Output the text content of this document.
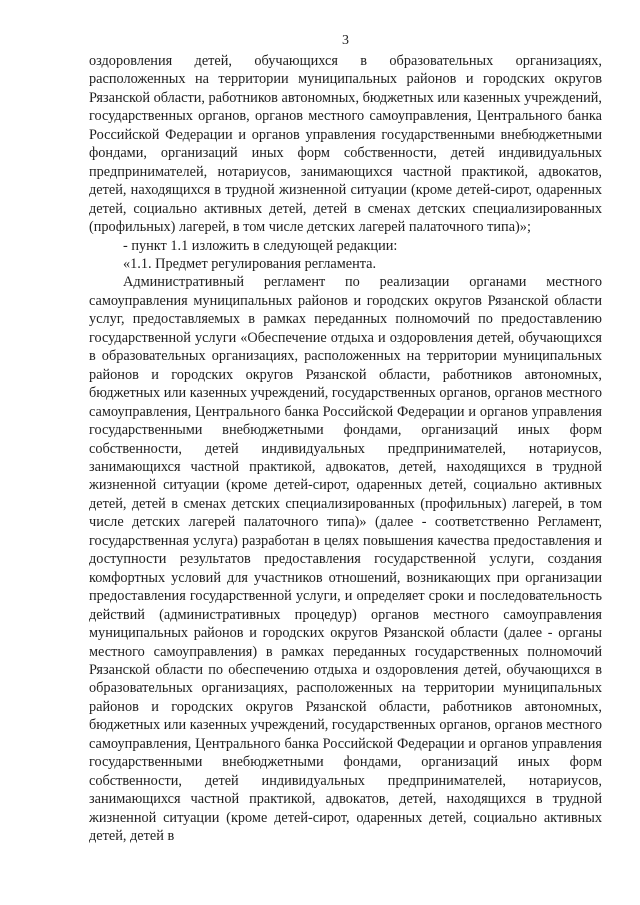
3

оздоровления детей, обучающихся в образовательных организациях, расположенных на территории муниципальных районов и городских округов Рязанской области, работников автономных, бюджетных или казенных учреждений, государственных органов, органов местного самоуправления, Центрального банка Российской Федерации и органов управления государственными внебюджетными фондами, организаций иных форм собственности, детей индивидуальных предпринимателей, нотариусов, занимающихся частной практикой, адвокатов, детей, находящихся в трудной жизненной ситуации (кроме детей-сирот, одаренных детей, социально активных детей, детей в сменах детских специализированных (профильных) лагерей, в том числе детских лагерей палаточного типа)»;

- пункт 1.1 изложить в следующей редакции:

«1.1. Предмет регулирования регламента.

Административный регламент по реализации органами местного самоуправления муниципальных районов и городских округов Рязанской области услуг, предоставляемых в рамках переданных полномочий по предоставлению государственной услуги «Обеспечение отдыха и оздоровления детей, обучающихся в образовательных организациях, расположенных на территории муниципальных районов и городских округов Рязанской области, работников автономных, бюджетных или казенных учреждений, государственных органов, органов местного самоуправления, Центрального банка Российской Федерации и органов управления государственными внебюджетными фондами, организаций иных форм собственности, детей индивидуальных предпринимателей, нотариусов, занимающихся частной практикой, адвокатов, детей, находящихся в трудной жизненной ситуации (кроме детей-сирот, одаренных детей, социально активных детей, детей в сменах детских специализированных (профильных) лагерей, в том числе детских лагерей палаточного типа)» (далее - соответственно Регламент, государственная услуга) разработан в целях повышения качества предоставления и доступности результатов предоставления государственной услуги, создания комфортных условий для участников отношений, возникающих при организации предоставления государственной услуги, и определяет сроки и последовательность действий (административных процедур) органов местного самоуправления муниципальных районов и городских округов Рязанской области (далее - органы местного самоуправления) в рамках переданных государственных полномочий Рязанской области по обеспечению отдыха и оздоровления детей, обучающихся в образовательных организациях, расположенных на территории муниципальных районов и городских округов Рязанской области, работников автономных, бюджетных или казенных учреждений, государственных органов, органов местного самоуправления, Центрального банка Российской Федерации и органов управления государственными внебюджетными фондами, организаций иных форм собственности, детей индивидуальных предпринимателей, нотариусов, занимающихся частной практикой, адвокатов, детей, находящихся в трудной жизненной ситуации (кроме детей-сирот, одаренных детей, социально активных детей, детей в
